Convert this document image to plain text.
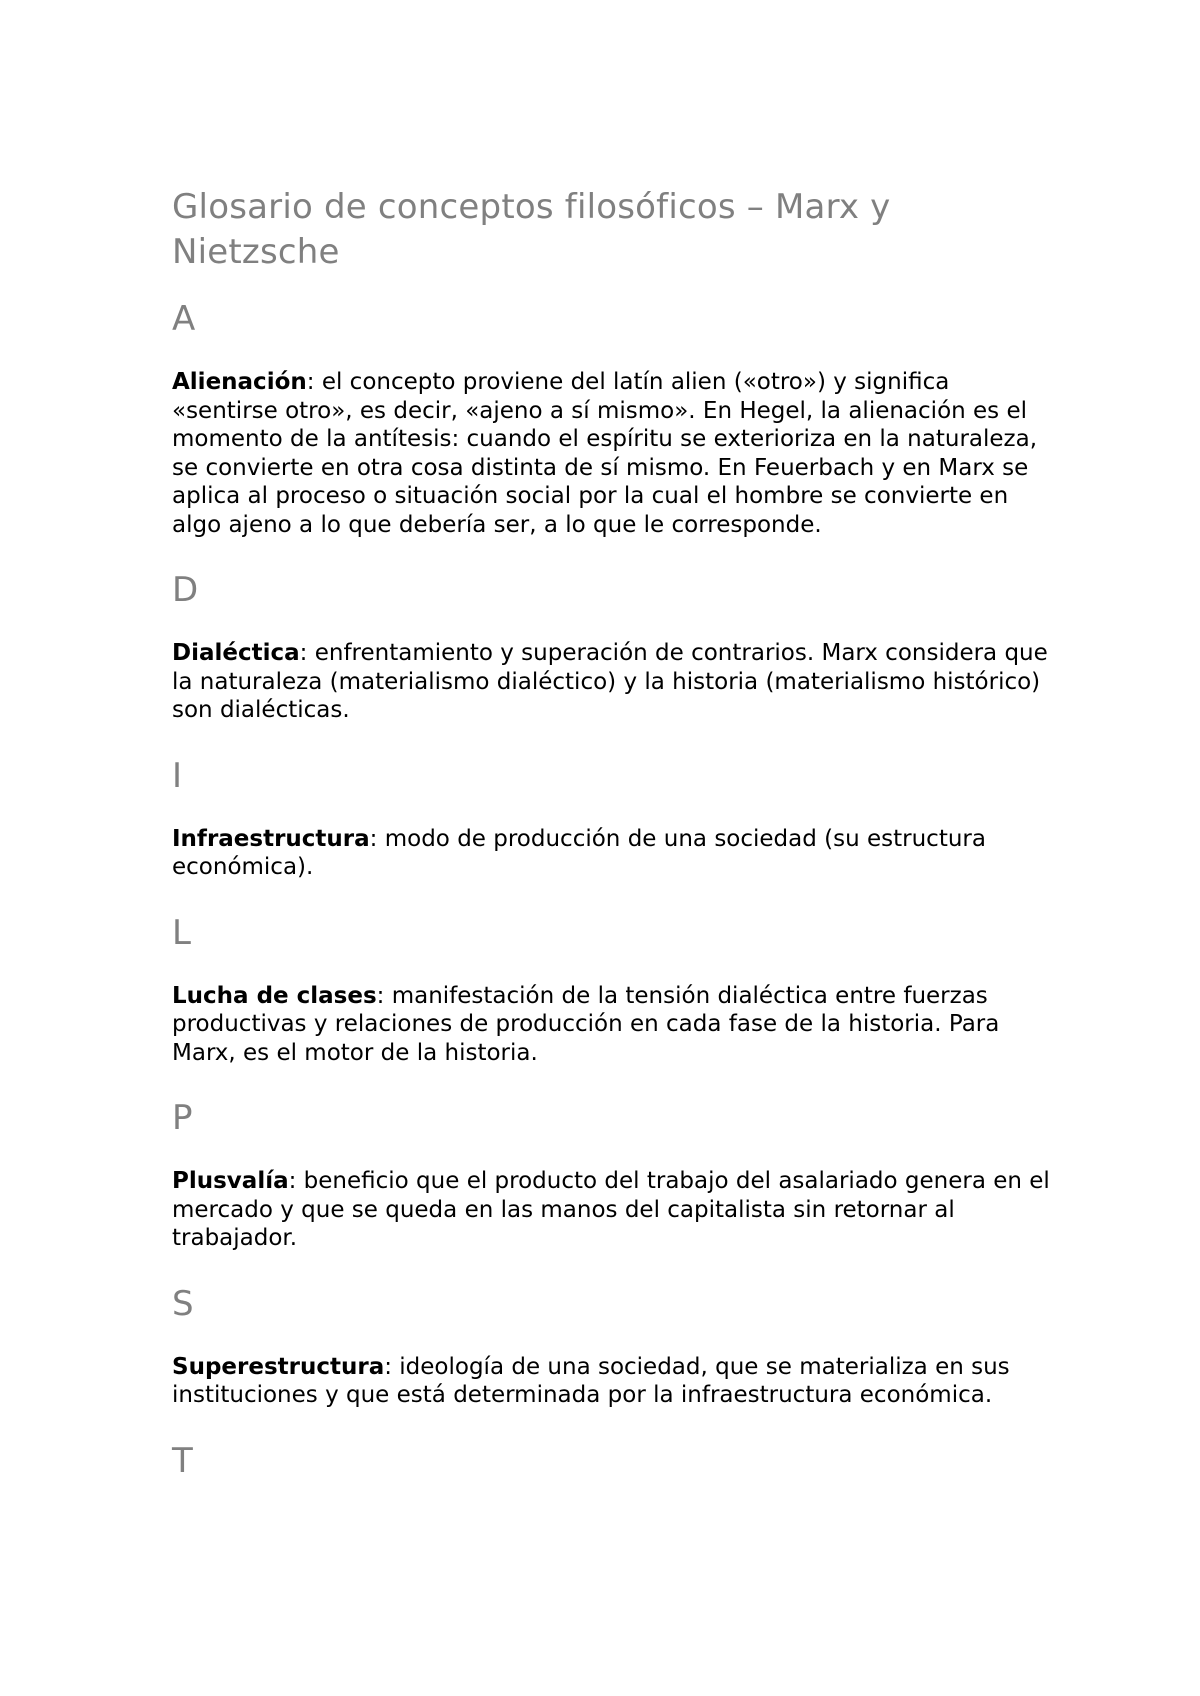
Glosario de conceptos filosóficos – Marx y Nietzsche
A

Alienación: el concepto proviene del latín alien («otro») y significa «sentirse otro», es decir, «ajeno a sí mismo». En Hegel, la alienación es el momento de la antítesis: cuando el espíritu se exterioriza en la naturaleza, se convierte en otra cosa distinta de sí mismo. En Feuerbach y en Marx se aplica al proceso o situación social por la cual el hombre se convierte en algo ajeno a lo que debería ser, a lo que le corresponde.

D

Dialéctica: enfrentamiento y superación de contrarios. Marx considera que la naturaleza (materialismo dialéctico) y la historia (materialismo histórico) son dialécticas.

I

Infraestructura: modo de producción de una sociedad (su estructura económica).

L

Lucha de clases: manifestación de la tensión dialéctica entre fuerzas productivas y relaciones de producción en cada fase de la historia. Para Marx, es el motor de la historia.

P

Plusvalía: beneficio que el producto del trabajo del asalariado genera en el mercado y que se queda en las manos del capitalista sin retornar al trabajador.

S

Superestructura: ideología de una sociedad, que se materializa en sus instituciones y que está determinada por la infraestructura económica.

T
